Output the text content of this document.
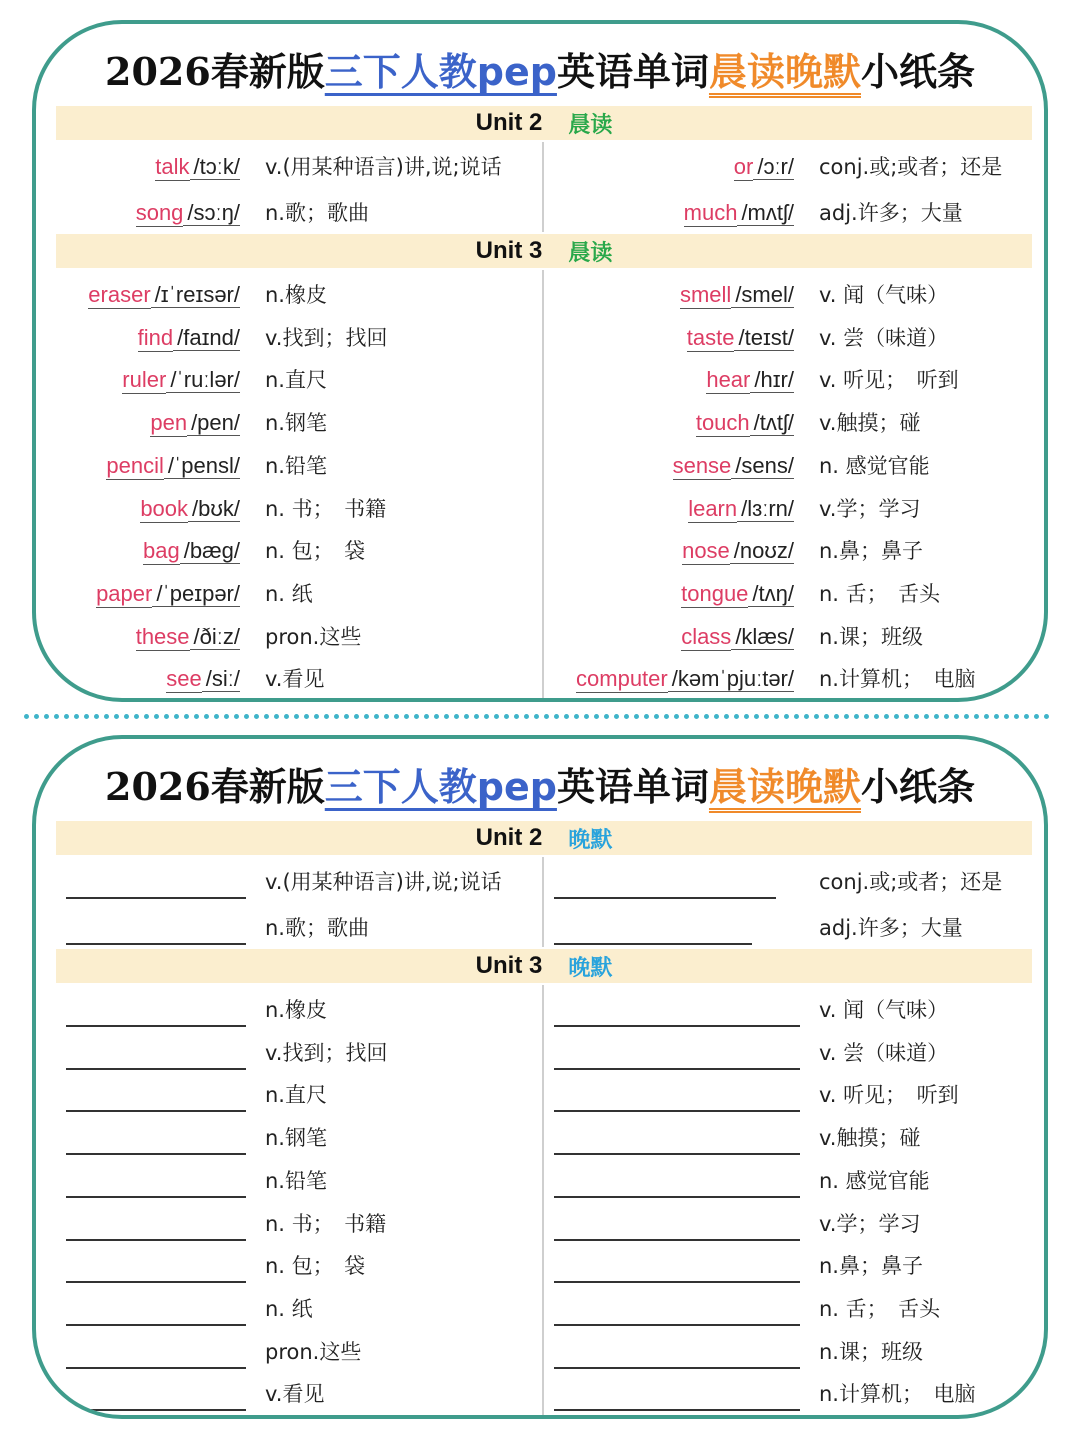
2026春新版三下人教pep英语单词晨读晚默小纸条
Unit 2 晨读
Unit 3 晨读
talk /tɔːk/ v.(用某种语言)讲,说;说话
song /sɔːŋ/ n.歌；歌曲
or /ɔːr/ conj.或;或者；还是
much /mʌtʃ/ adj.许多；大量
eraser /ɪˈreɪsər/ n.橡皮
find /faɪnd/ v.找到；找回
ruler /ˈruːlər/ n.直尺
pen /pen/ n.钢笔
pencil /ˈpensl/ n.铅笔
book /bʊk/ n. 书；　书籍
bag /bæɡ/ n. 包；　袋
paper /ˈpeɪpər/ n. 纸
these /ðiːz/ pron.这些
see /siː/ v.看见
smell /smel/ v. 闻（气味）
taste /teɪst/ v. 尝（味道）
hear /hɪr/ v. 听见；　听到
touch /tʌtʃ/ v.触摸；碰
sense /sens/ n. 感觉官能
learn /lɜːrn/ v.学；学习
nose /noʊz/ n.鼻；鼻子
tongue /tʌŋ/ n. 舌；　舌头
class /klæs/ n.课；班级
computer /kəmˈpjuːtər/ n.计算机；　电脑
2026春新版三下人教pep英语单词晨读晚默小纸条
Unit 2 晚默
Unit 3 晚默
v.(用某种语言)讲,说;说话
n.歌；歌曲
conj.或;或者；还是
adj.许多；大量
n.橡皮
v.找到；找回
n.直尺
n.钢笔
n.铅笔
n. 书；　书籍
n. 包；　袋
n. 纸
pron.这些
v.看见
v. 闻（气味）
v. 尝（味道）
v. 听见；　听到
v.触摸；碰
n. 感觉官能
v.学；学习
n.鼻；鼻子
n. 舌；　舌头
n.课；班级
n.计算机；　电脑
